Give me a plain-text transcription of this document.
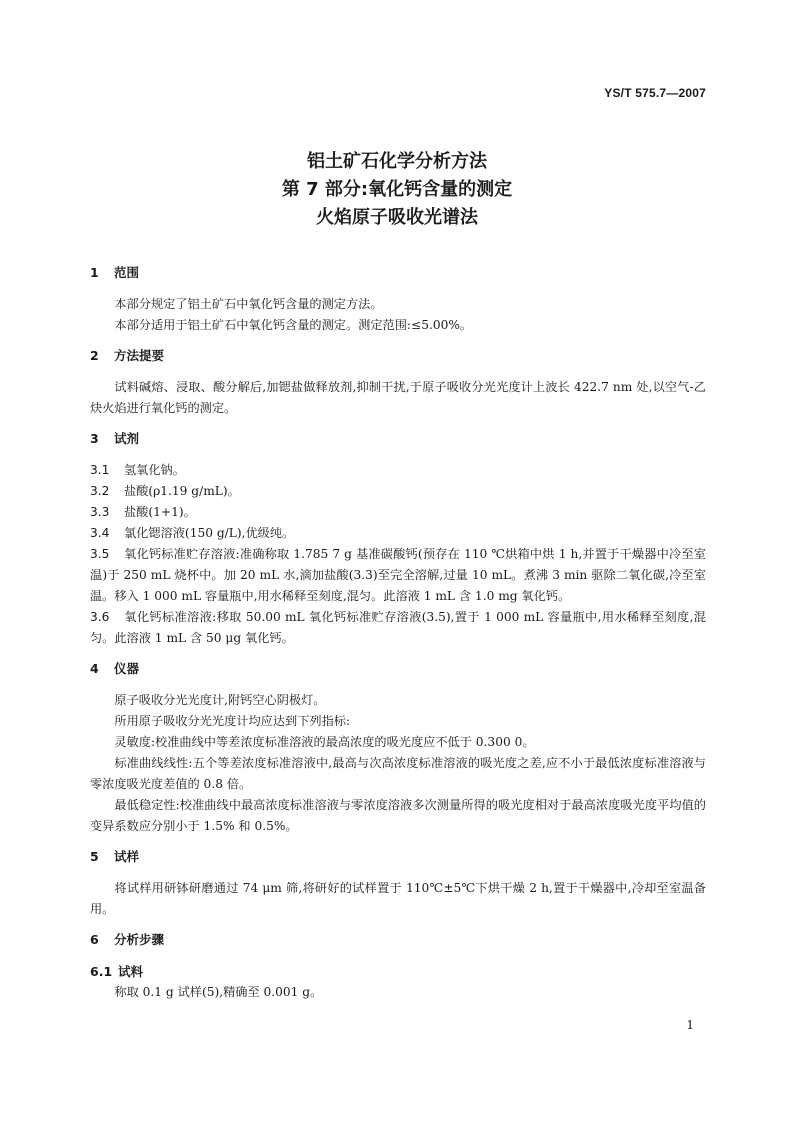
YS/T 575.7—2007
铝土矿石化学分析方法
第 7 部分:氧化钙含量的测定
火焰原子吸收光谱法
1 范围

本部分规定了铝土矿石中氧化钙含量的测定方法。

本部分适用于铝土矿石中氧化钙含量的测定。测定范围:≤5.00%。

2 方法提要

试料碱熔、浸取、酸分解后,加锶盐做释放剂,抑制干扰,于原子吸收分光光度计上波长 422.7 nm 处,以空气-乙炔火焰进行氧化钙的测定。

3 试剂

3.1 氢氧化钠。

3.2 盐酸(ρ1.19 g/mL)。

3.3 盐酸(1+1)。

3.4 氯化锶溶液(150 g/L),优级纯。

3.5 氧化钙标准贮存溶液:准确称取 1.785 7 g 基准碳酸钙(预存在 110 ℃烘箱中烘 1 h,并置于干燥器中冷至室温)于 250 mL 烧杯中。加 20 mL 水,滴加盐酸(3.3)至完全溶解,过量 10 mL。煮沸 3 min 驱除二氧化碳,冷至室温。移入 1 000 mL 容量瓶中,用水稀释至刻度,混匀。此溶液 1 mL 含 1.0 mg 氧化钙。

3.6 氧化钙标准溶液:移取 50.00 mL 氧化钙标准贮存溶液(3.5),置于 1 000 mL 容量瓶中,用水稀释至刻度,混匀。此溶液 1 mL 含 50 μg 氧化钙。

4 仪器

原子吸收分光光度计,附钙空心阴极灯。

所用原子吸收分光光度计均应达到下列指标:

灵敏度:校准曲线中等差浓度标准溶液的最高浓度的吸光度应不低于 0.300 0。

标准曲线线性:五个等差浓度标准溶液中,最高与次高浓度标准溶液的吸光度之差,应不小于最低浓度标准溶液与零浓度吸光度差值的 0.8 倍。

最低稳定性:校准曲线中最高浓度标准溶液与零浓度溶液多次测量所得的吸光度相对于最高浓度吸光度平均值的变异系数应分别小于 1.5% 和 0.5%。

5 试样

将试样用研钵研磨通过 74 μm 筛,将研好的试样置于 110℃±5℃下烘干燥 2 h,置于干燥器中,冷却至室温备用。

6 分析步骤
6.1 试料

称取 0.1 g 试样(5),精确至 0.001 g。

1
